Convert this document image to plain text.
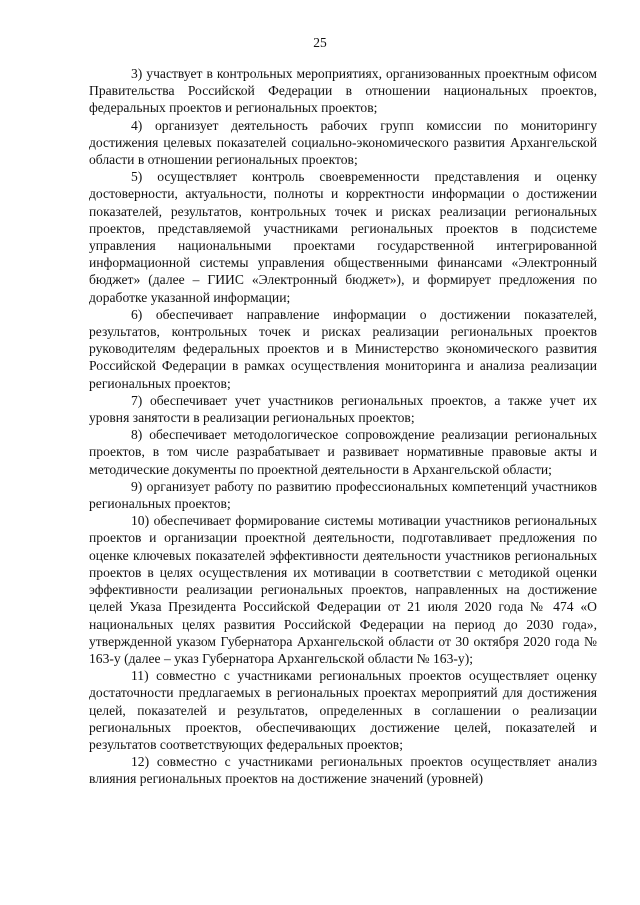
25

3) участвует в контрольных мероприятиях, организованных проектным офисом Правительства Российской Федерации в отношении национальных проектов, федеральных проектов и региональных проектов;

4) организует деятельность рабочих групп комиссии по мониторингу достижения целевых показателей социально-экономического развития Архангельской области в отношении региональных проектов;

5) осуществляет контроль своевременности представления и оценку достоверности, актуальности, полноты и корректности информации о достижении показателей, результатов, контрольных точек и рисках реализации региональных проектов, представляемой участниками региональных проектов в подсистеме управления национальными проектами государственной интегрированной информационной системы управления общественными финансами «Электронный бюджет» (далее – ГИИС «Электронный бюджет»), и формирует предложения по доработке указанной информации;

6) обеспечивает направление информации о достижении показателей, результатов, контрольных точек и рисках реализации региональных проектов руководителям федеральных проектов и в Министерство экономического развития Российской Федерации в рамках осуществления мониторинга и анализа реализации региональных проектов;

7) обеспечивает учет участников региональных проектов, а также учет их уровня занятости в реализации региональных проектов;

8) обеспечивает методологическое сопровождение реализации региональных проектов, в том числе разрабатывает и развивает нормативные правовые акты и методические документы по проектной деятельности в Архангельской области;

9) организует работу по развитию профессиональных компетенций участников региональных проектов;

10) обеспечивает формирование системы мотивации участников региональных проектов и организации проектной деятельности, подготавливает предложения по оценке ключевых показателей эффективности деятельности участников региональных проектов в целях осуществления их мотивации в соответствии с методикой оценки эффективности реализации региональных проектов, направленных на достижение целей Указа Президента Российской Федерации от 21 июля 2020 года № 474 «О национальных целях развития Российской Федерации на период до 2030 года», утвержденной указом Губернатора Архангельской области от 30 октября 2020 года № 163-у (далее – указ Губернатора Архангельской области № 163-у);

11) совместно с участниками региональных проектов осуществляет оценку достаточности предлагаемых в региональных проектах мероприятий для достижения целей, показателей и результатов, определенных в соглашении о реализации региональных проектов, обеспечивающих достижение целей, показателей и результатов соответствующих федеральных проектов;

12) совместно с участниками региональных проектов осуществляет анализ влияния региональных проектов на достижение значений (уровней)
